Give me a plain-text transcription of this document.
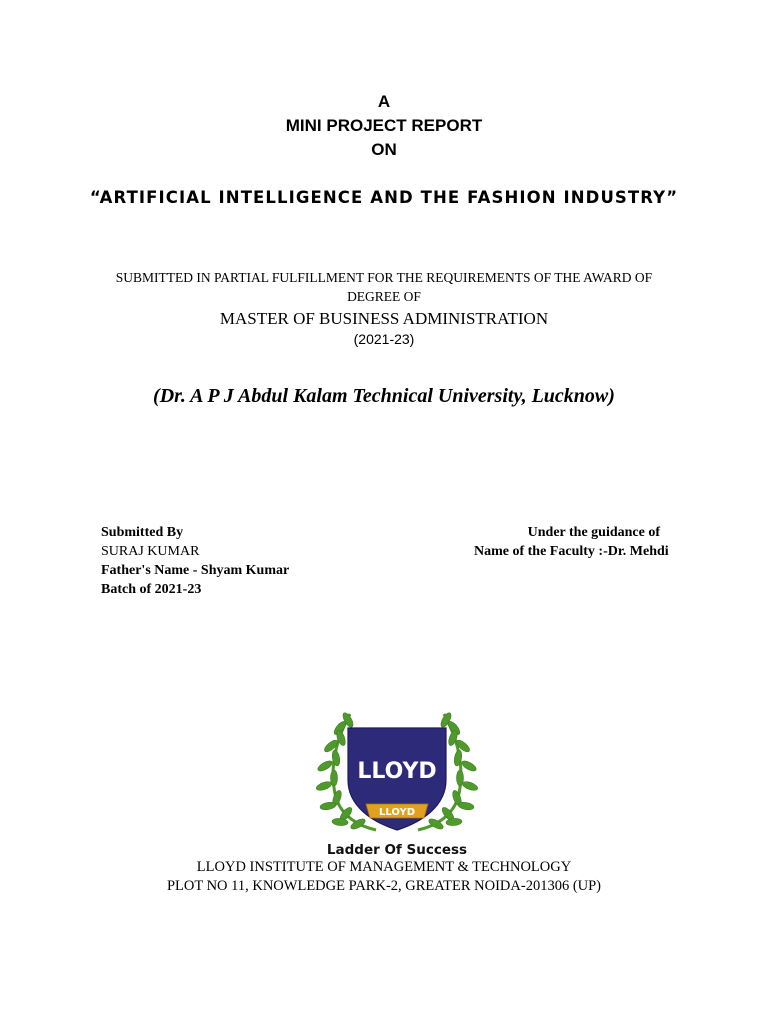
A
MINI PROJECT REPORT
ON
“ARTIFICIAL INTELLIGENCE AND THE FASHION INDUSTRY”
SUBMITTED IN PARTIAL FULFILLMENT FOR THE REQUIREMENTS OF THE AWARD OF
DEGREE OF
MASTER OF BUSINESS ADMINISTRATION
(2021-23)
(Dr. A P J Abdul Kalam Technical University, Lucknow)
Submitted By
SURAJ KUMAR
Father's Name - Shyam Kumar
Batch of 2021-23
Under the guidance of
Name of the Faculty :-Dr. Mehdi
LLOYD
LLOYD
Ladder Of Success
LLOYD INSTITUTE OF MANAGEMENT & TECHNOLOGY
PLOT NO 11, KNOWLEDGE PARK-2, GREATER NOIDA-201306 (UP)
